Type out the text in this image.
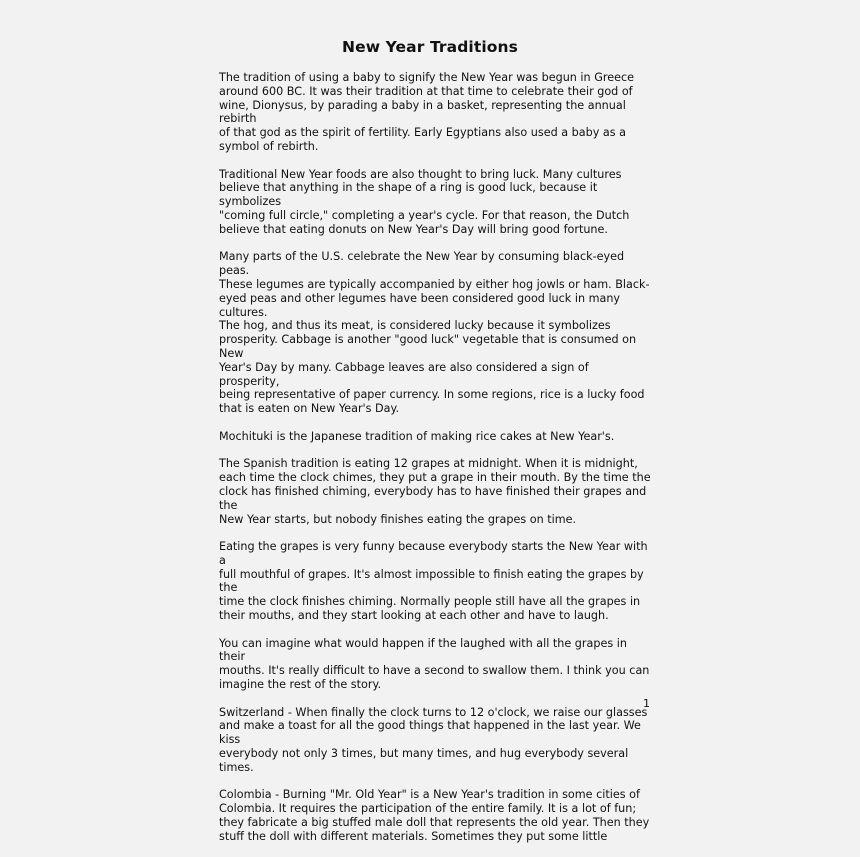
New Year Traditions

The tradition of using a baby to signify the New Year was begun in Greece
around 600 BC. It was their tradition at that time to celebrate their god of
wine, Dionysus, by parading a baby in a basket, representing the annual rebirth
of that god as the spirit of fertility. Early Egyptians also used a baby as a
symbol of rebirth.

Traditional New Year foods are also thought to bring luck. Many cultures
believe that anything in the shape of a ring is good luck, because it symbolizes
"coming full circle," completing a year's cycle. For that reason, the Dutch
believe that eating donuts on New Year's Day will bring good fortune.

Many parts of the U.S. celebrate the New Year by consuming black-eyed peas.
These legumes are typically accompanied by either hog jowls or ham. Black-
eyed peas and other legumes have been considered good luck in many cultures.
The hog, and thus its meat, is considered lucky because it symbolizes
prosperity. Cabbage is another "good luck" vegetable that is consumed on New
Year's Day by many. Cabbage leaves are also considered a sign of prosperity,
being representative of paper currency. In some regions, rice is a lucky food
that is eaten on New Year's Day.

Mochituki is the Japanese tradition of making rice cakes at New Year's.

The Spanish tradition is eating 12 grapes at midnight. When it is midnight,
each time the clock chimes, they put a grape in their mouth. By the time the
clock has finished chiming, everybody has to have finished their grapes and the
New Year starts, but nobody finishes eating the grapes on time.

Eating the grapes is very funny because everybody starts the New Year with a
full mouthful of grapes. It's almost impossible to finish eating the grapes by the
time the clock finishes chiming. Normally people still have all the grapes in
their mouths, and they start looking at each other and have to laugh.

You can imagine what would happen if the laughed with all the grapes in their
mouths. It's really difficult to have a second to swallow them. I think you can
imagine the rest of the story.

Switzerland - When finally the clock turns to 12 o'clock, we raise our glasses
and make a toast for all the good things that happened in the last year. We kiss
everybody not only 3 times, but many times, and hug everybody several times.

Colombia - Burning "Mr. Old Year" is a New Year's tradition in some cities of
Colombia. It requires the participation of the entire family. It is a lot of fun;
they fabricate a big stuffed male doll that represents the old year. Then they
stuff the doll with different materials. Sometimes they put some little

1
